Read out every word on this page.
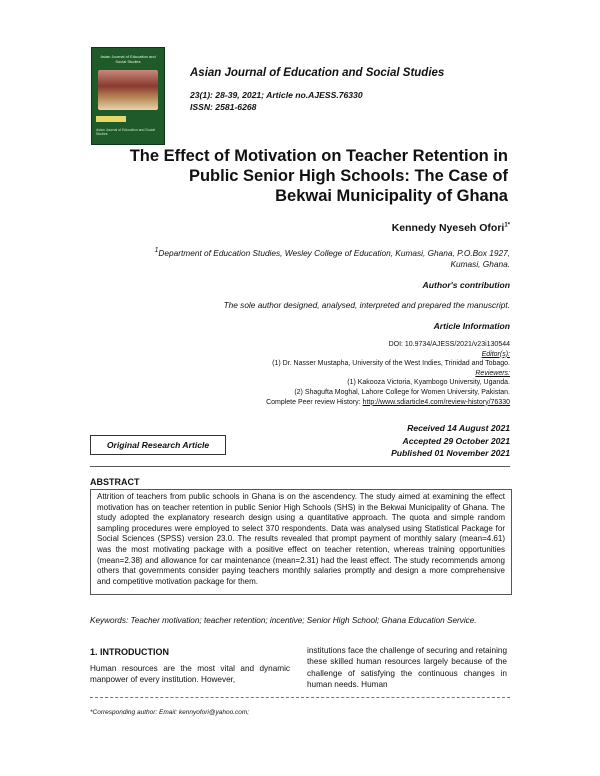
Asian Journal of Education and Social Studies
Asian Journal of Education and Social Studies
Asian Journal of Education and Social Studies
23(1): 28-39, 2021; Article no.AJESS.76330
ISSN: 2581-6268
The Effect of Motivation on Teacher Retention in
Public Senior High Schools: The Case of
Bekwai Municipality of Ghana
Kennedy Nyeseh Ofori$^{1*}$
$^1$Department of Education Studies, Wesley College of Education, Kumasi, Ghana, P.O.Box 1927,
Kumasi, Ghana.
Author's contribution
The sole author designed, analysed, interpreted and prepared the manuscript.
Article Information
DOI: 10.9734/AJESS/2021/v23i130544
Editor(s):
(1) Dr. Nasser Mustapha, University of the West Indies, Trinidad and Tobago.
Reviewers:
(1) Kakooza Victoria, Kyambogo University, Uganda.
(2) Shagufta Moghal, Lahore College for Women University, Pakistan.
Complete Peer review History: http://www.sdiarticle4.com/review-history/76330
Original Research Article
Received 14 August 2021
Accepted 29 October 2021
Published 01 November 2021
ABSTRACT
Attrition of teachers from public schools in Ghana is on the ascendency. The study aimed at examining the effect motivation has on teacher retention in public Senior High Schools (SHS) in the Bekwai Municipality of Ghana. The study adopted the explanatory research design using a quantitative approach. The quota and simple random sampling procedures were employed to select 370 respondents. Data was analysed using Statistical Package for Social Sciences (SPSS) version 23.0. The results revealed that prompt payment of monthly salary (mean=4.61) was the most motivating package with a positive effect on teacher retention, whereas training opportunities (mean=2.38) and allowance for car maintenance (mean=2.31) had the least effect. The study recommends among others that governments consider paying teachers monthly salaries promptly and design a more comprehensive and competitive motivation package for them.
Keywords: Teacher motivation; teacher retention; incentive; Senior High School; Ghana Education Service.
1. INTRODUCTION
Human resources are the most vital and dynamic manpower of every institution. However,
institutions face the challenge of securing and retaining these skilled human resources largely because of the challenge of satisfying the continuous changes in human needs. Human
*Corresponding author: Email: kennyofori@yahoo.com;
